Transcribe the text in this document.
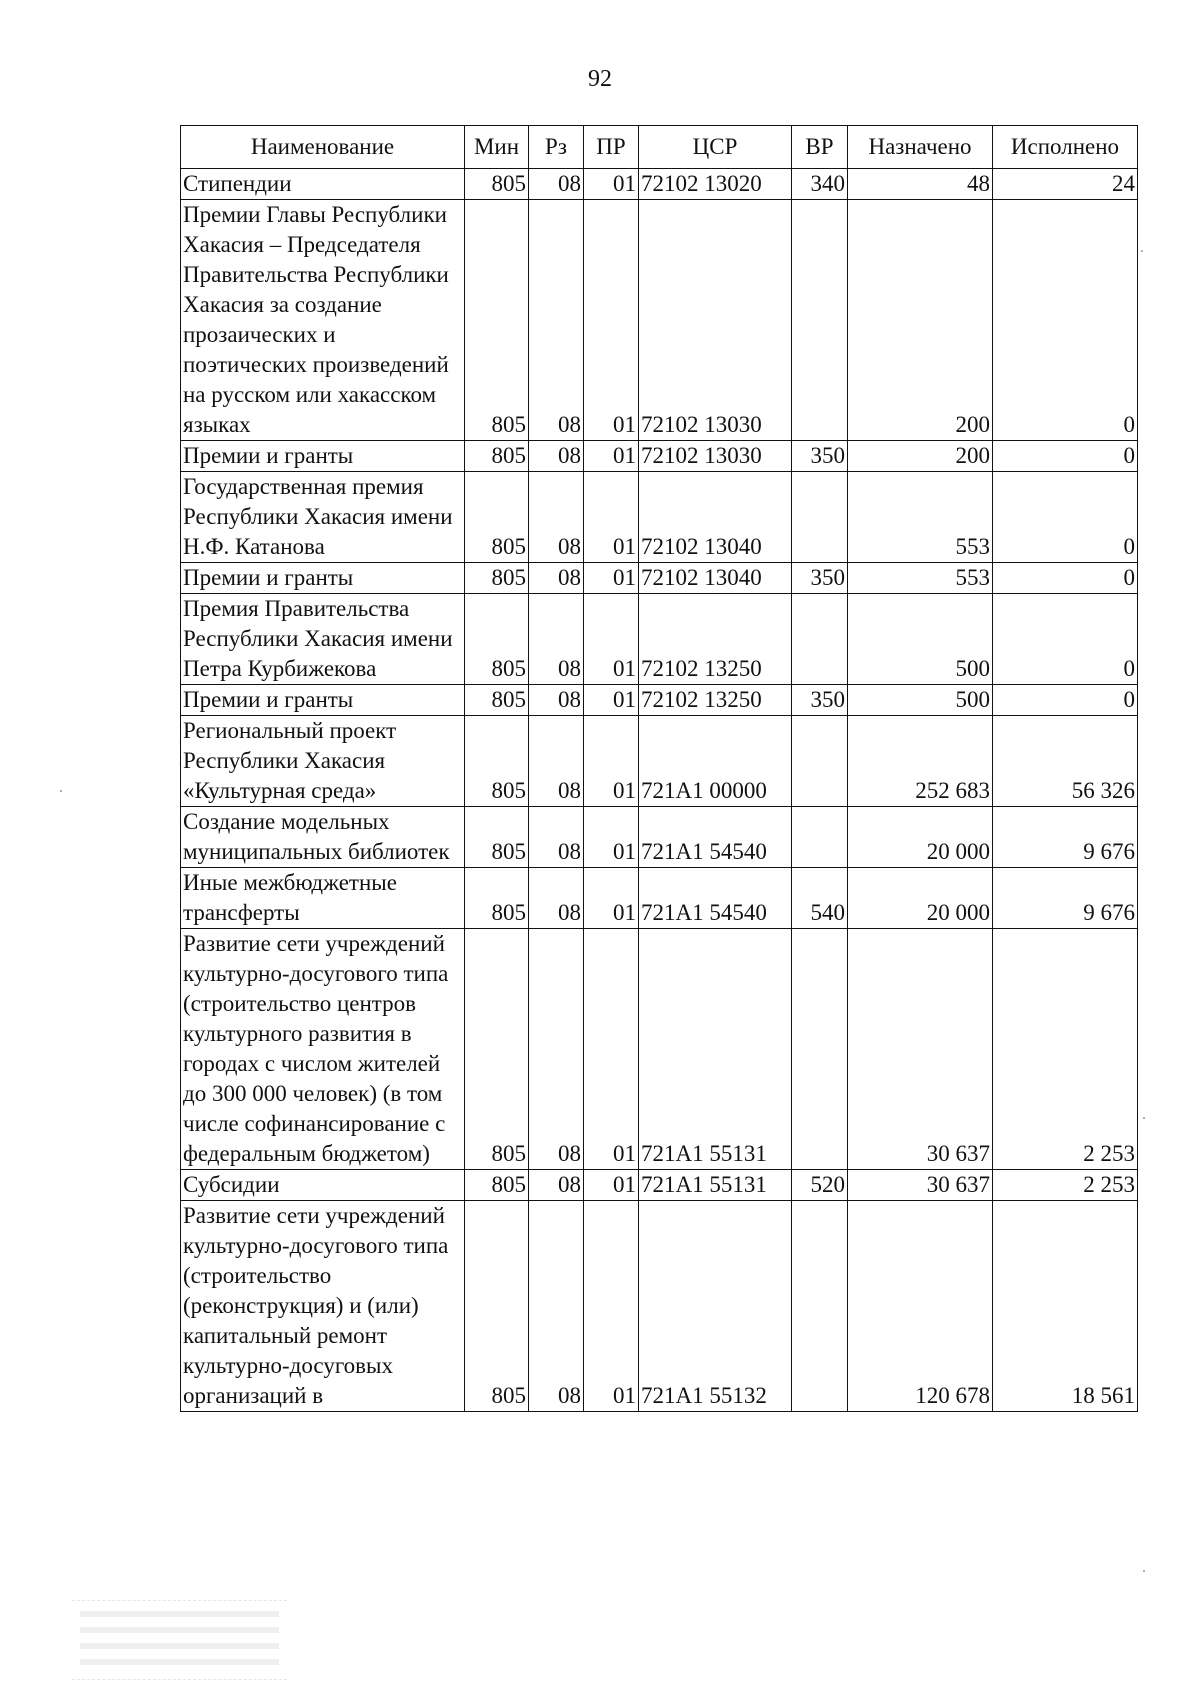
92
Наименование	Мин	Рз	ПР	ЦСР	ВР	Назначено	Исполнено
Стипендии	805	08	01	72102 13020	340	48	24
Премии Главы Республики Хакасия – Председателя Правительства Республики Хакасия за создание прозаических и поэтических произведений на русском или хакасском языках	805	08	01	72102 13030		200	0
Премии и гранты	805	08	01	72102 13030	350	200	0
Государственная премия Республики Хакасия имени Н.Ф. Катанова	805	08	01	72102 13040		553	0
Премии и гранты	805	08	01	72102 13040	350	553	0
Премия Правительства Республики Хакасия имени Петра Курбижекова	805	08	01	72102 13250		500	0
Премии и гранты	805	08	01	72102 13250	350	500	0
Региональный проект Республики Хакасия «Культурная среда»	805	08	01	721A1 00000		252 683	56 326
Создание модельных муниципальных библиотек	805	08	01	721A1 54540		20 000	9 676
Иные межбюджетные трансферты	805	08	01	721A1 54540	540	20 000	9 676
Развитие сети учреждений культурно-досугового типа (строительство центров культурного развития в городах с числом жителей до 300 000 человек) (в том числе софинансирование с федеральным бюджетом)	805	08	01	721A1 55131		30 637	2 253
Субсидии	805	08	01	721A1 55131	520	30 637	2 253
Развитие сети учреждений культурно-досугового типа (строительство (реконструкция) и (или) капитальный ремонт культурно-досуговых организаций в	805	08	01	721A1 55132		120 678	18 561
